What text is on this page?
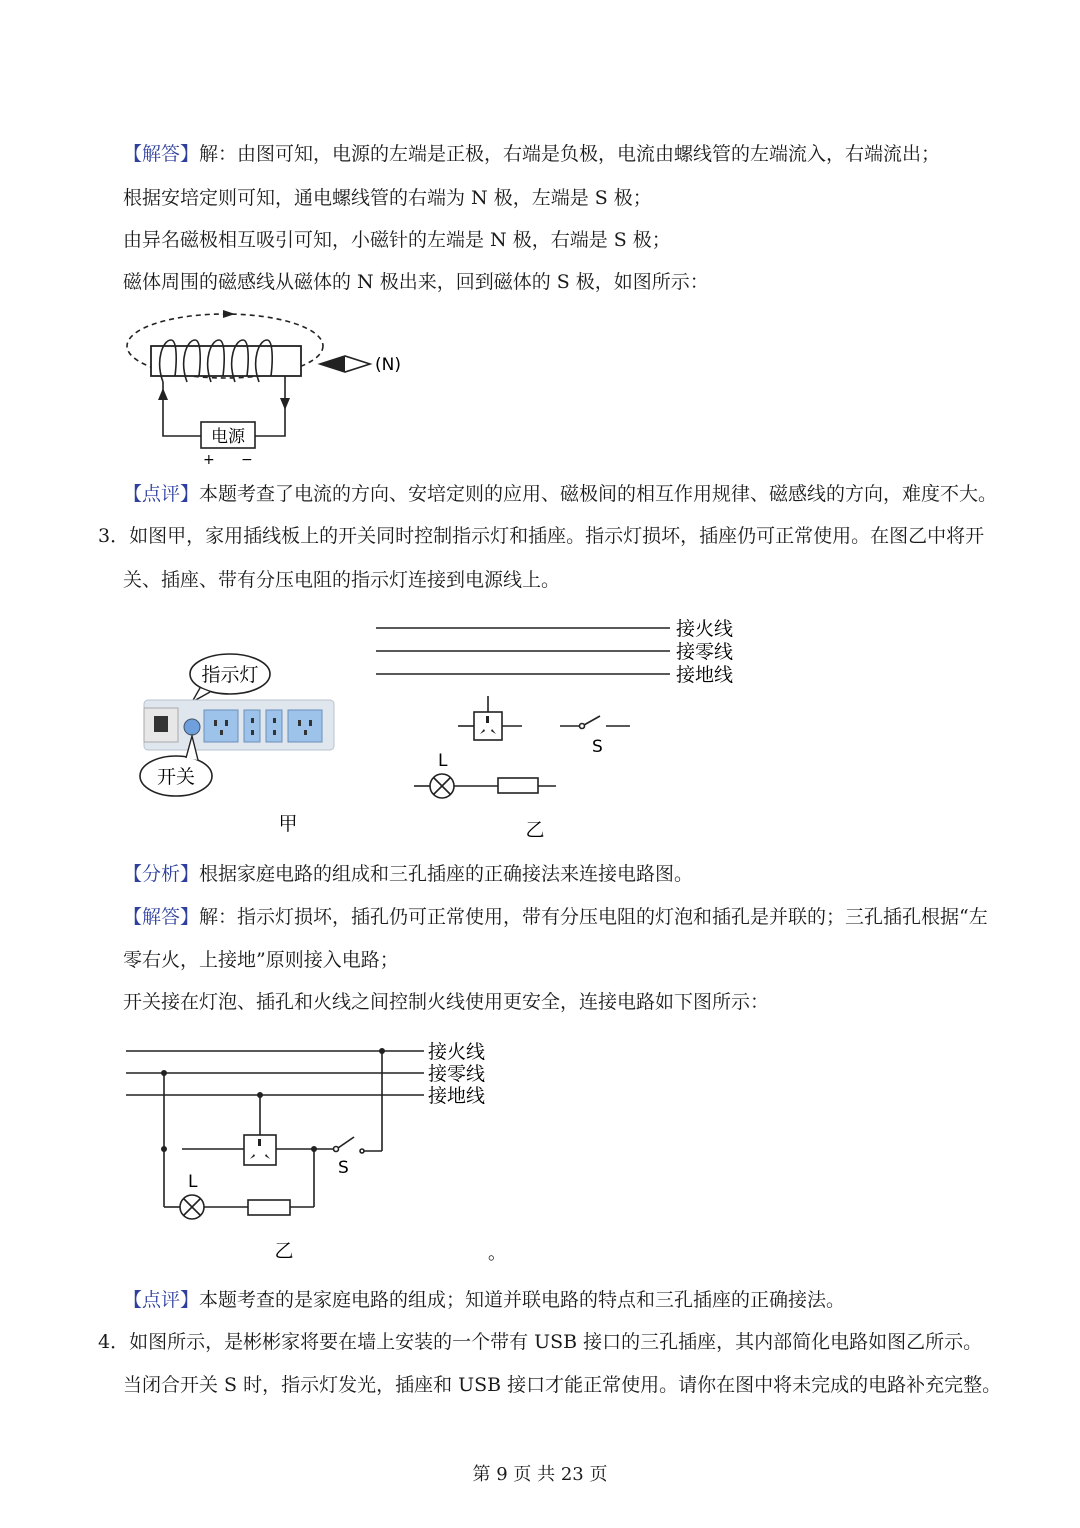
【解答】解：由图可知，电源的左端是正极，右端是负极，电流由螺线管的左端流入，右端流出；
根据安培定则可知，通电螺线管的右端为 N 极，左端是 S 极；
由异名磁极相互吸引可知，小磁针的左端是 N 极，右端是 S 极；
磁体周围的磁感线从磁体的 N 极出来，回到磁体的 S 极，如图所示：
电源
+ −
(N)
【点评】本题考查了电流的方向、安培定则的应用、磁极间的相互作用规律、磁感线的方向，难度不大。
3．如图甲，家用插线板上的开关同时控制指示灯和插座。指示灯损坏，插座仍可正常使用。在图乙中将开
关、插座、带有分压电阻的指示灯连接到电源线上。
指示灯
开关
甲
接火线
接零线
接地线
S
L
乙
【分析】根据家庭电路的组成和三孔插座的正确接法来连接电路图。
【解答】解：指示灯损坏，插孔仍可正常使用，带有分压电阻的灯泡和插孔是并联的；三孔插孔根据“左
零右火，上接地”原则接入电路；
开关接在灯泡、插孔和火线之间控制火线使用更安全，连接电路如下图所示：
接火线
接零线
接地线
S
L
乙	。
【点评】本题考查的是家庭电路的组成；知道并联电路的特点和三孔插座的正确接法。
4．如图所示，是彬彬家将要在墙上安装的一个带有 USB 接口的三孔插座，其内部简化电路如图乙所示。
当闭合开关 S 时，指示灯发光，插座和 USB 接口才能正常使用。请你在图中将未完成的电路补充完整。
第 9 页 共 23 页
